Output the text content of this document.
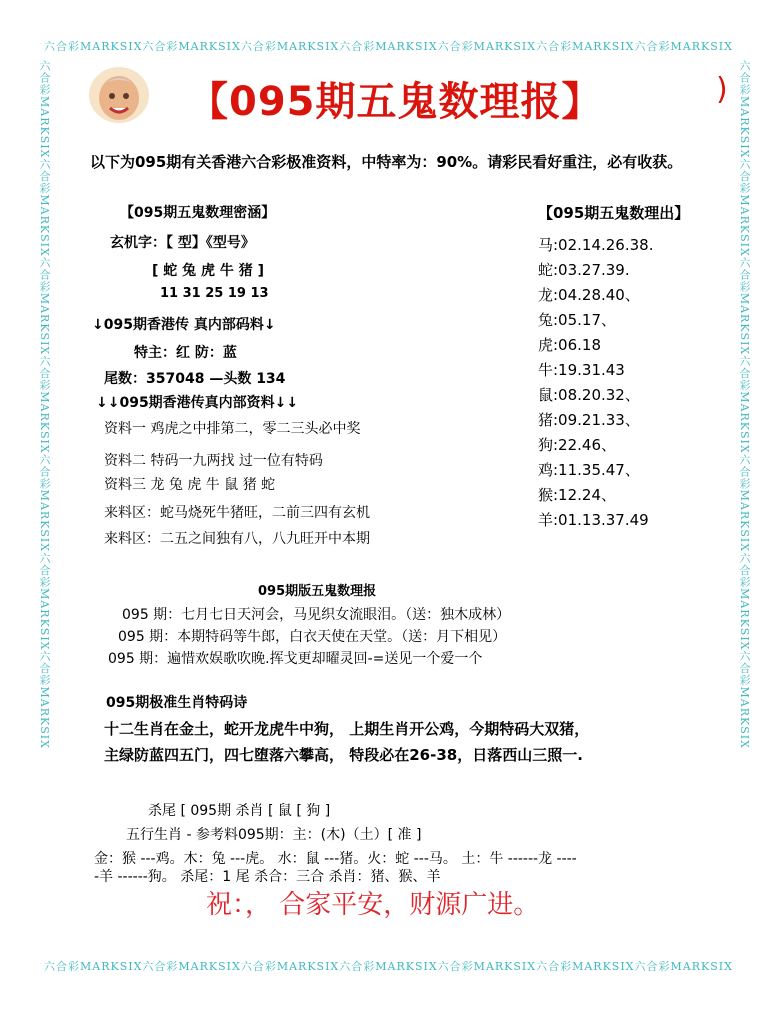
六合彩MARKSIX六合彩MARKSIX六合彩MARKSIX六合彩MARKSIX六合彩MARKSIX六合彩MARKSIX六合彩MARKSIX
六合彩MARKSIX六合彩MARKSIX六合彩MARKSIX六合彩MARKSIX六合彩MARKSIX六合彩MARKSIX六合彩MARKSIX
六合彩MARKSIX六合彩MARKSIX六合彩MARKSIX六合彩MARKSIX六合彩MARKSIX六合彩MARKSIX六合彩MARKSIX	六合彩MARKSIX六合彩MARKSIX六合彩MARKSIX六合彩MARKSIX六合彩MARKSIX六合彩MARKSIX六合彩MARKSIX
【095期五鬼数理报】	)
以下为095期有关香港六合彩极准资料，中特率为：90%。请彩民看好重注，必有收获。
【095期五鬼数理密涵】
玄机字：【 型】《型号》
[ 蛇 兔 虎 牛 猪 ]
11 31 25 19 13
↓095期香港传 真内部码料↓
特主：红 防：蓝
尾数：357048 —头数 134
↓↓095期香港传真内部资料↓↓
资料一 鸡虎之中排第二，零二三头必中奖
资料二 特码一九两找 过一位有特码
资料三 龙 兔 虎 牛 鼠 猪 蛇
来料区：蛇马烧死牛猪旺，二前三四有玄机
来料区：二五之间独有八，八九旺开中本期
【095期五鬼数理出】
马:02.14.26.38.
蛇:03.27.39.
龙:04.28.40、
兔:05.17、
虎:06.18
牛:19.31.43
鼠:08.20.32、
猪:09.21.33、
狗:22.46、
鸡:11.35.47、
猴:12.24、
羊:01.13.37.49
095期版五鬼数理报
095 期：七月七日天河会，马见织女流眼泪。（送：独木成林）
095 期：本期特码等牛郎，白衣天使在天堂。（送：月下相见）
095 期：遍惜欢娱歌吹晚.挥戈更却曜灵回-=送见一个爱一个
095期极准生肖特码诗
十二生肖在金土，蛇开龙虎牛中狗， 上期生肖开公鸡，今期特码大双猪，
主绿防蓝四五门，四七堕落六攀高， 特段必在26-38，日落西山三照一.
杀尾 [ 095期 杀肖 [ 鼠 [ 狗 ]
五行生肖 - 参考料095期：主：(木)（土）[ 准 ]
金：猴 ---鸡。木：兔 ---虎。 水：鼠 ---猪。火：蛇 ---马。 土：牛 ------龙 ----
-羊 ------狗。 杀尾：1 尾 杀合：三合 杀肖：猪、猴、羊
祝：， 合家平安，财源广进。
